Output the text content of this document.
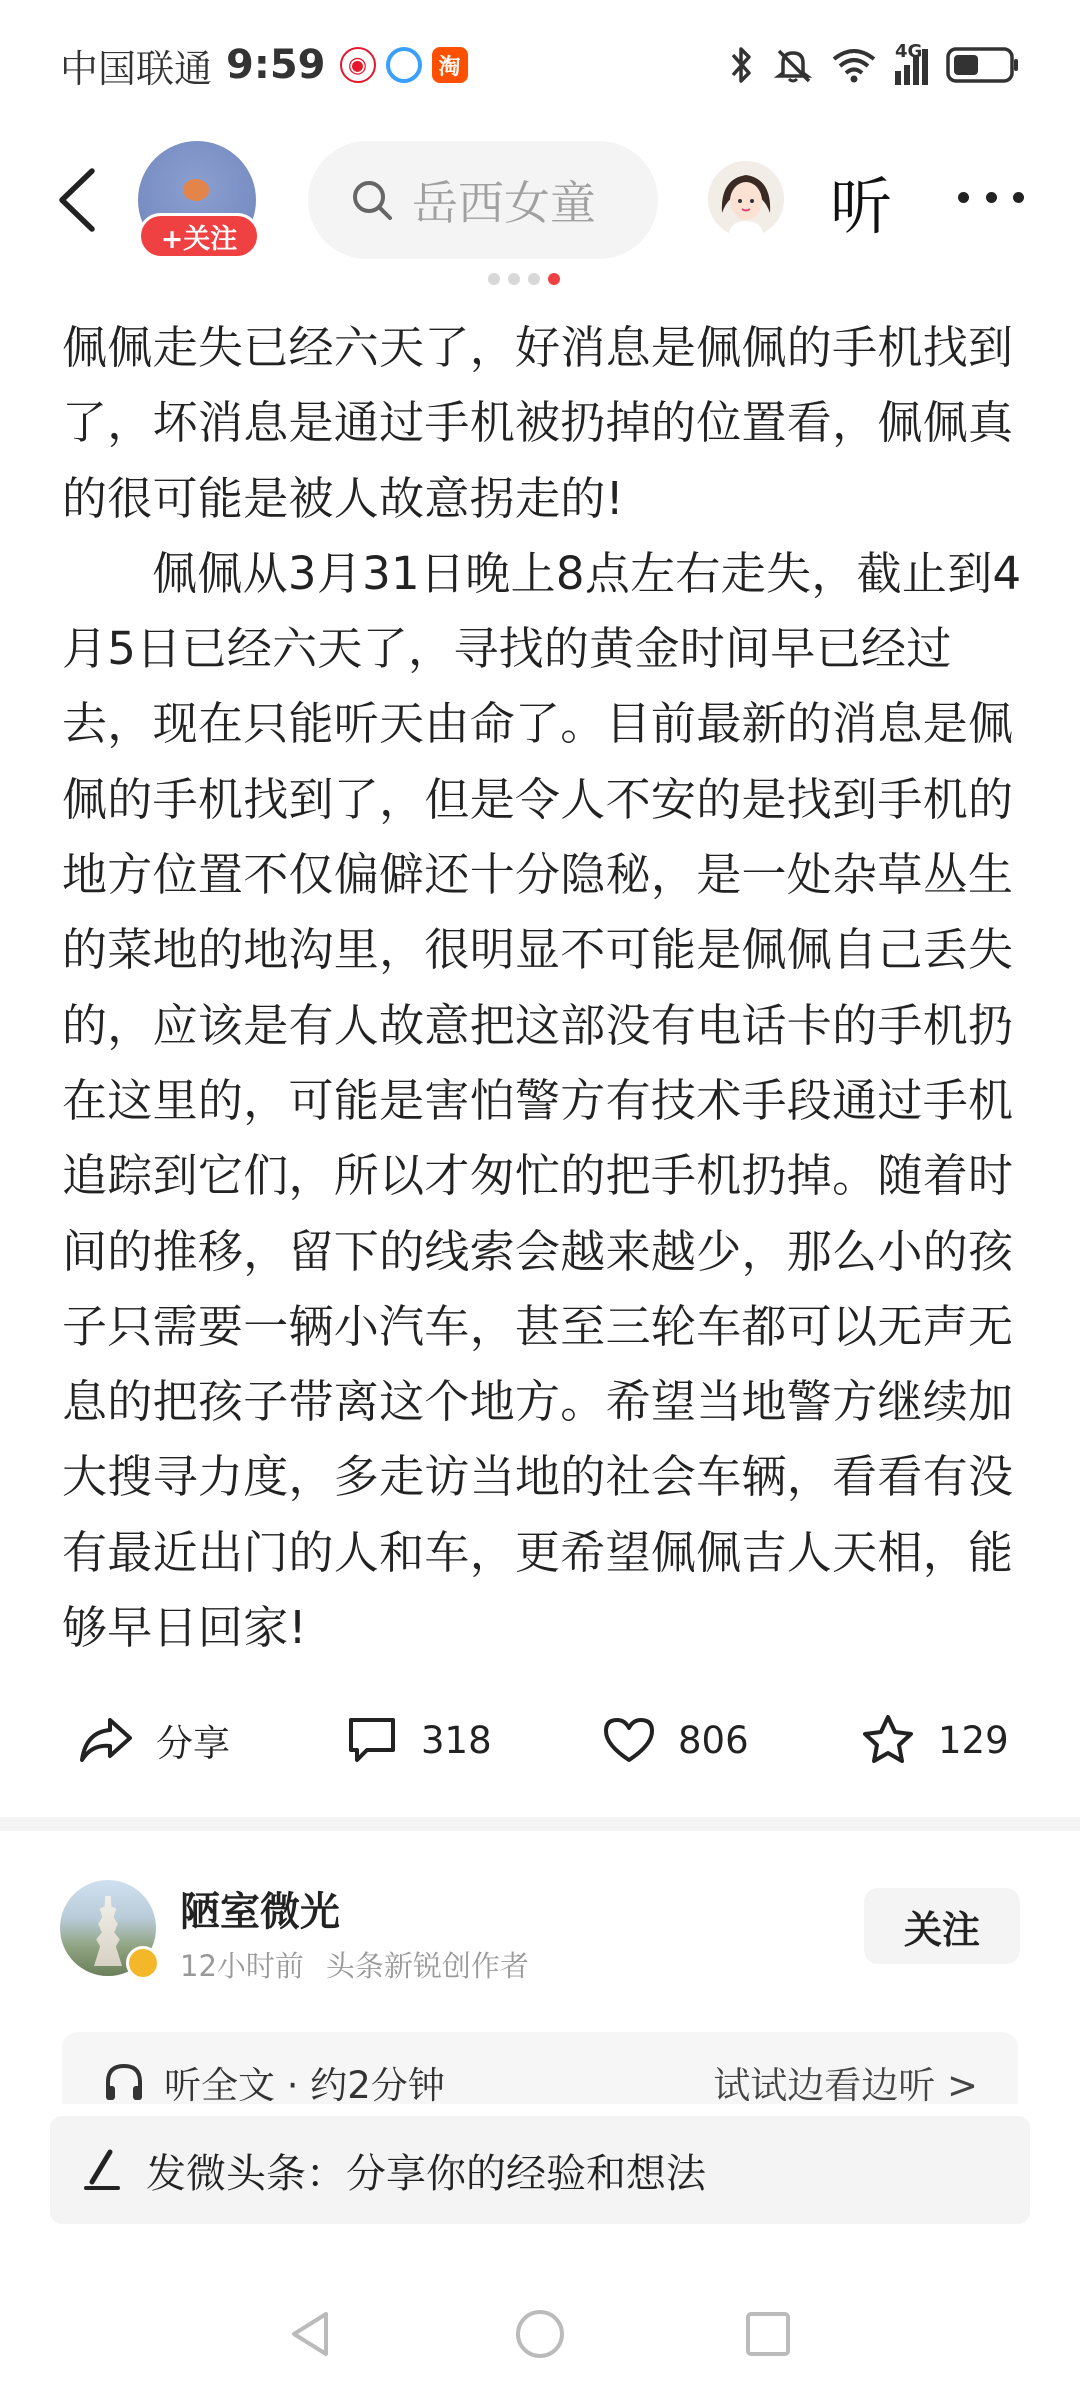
中国联通 9:59	◉	淘
4G
+关注
岳西女童	听

佩佩走失已经六天了，好消息是佩佩的手机找到了，坏消息是通过手机被扔掉的位置看，佩佩真的很可能是被人故意拐走的!

佩佩从3月31日晚上8点左右走失，截止到4月5日已经六天了，寻找的黄金时间早已经过去，现在只能听天由命了。目前最新的消息是佩佩的手机找到了，但是令人不安的是找到手机的地方位置不仅偏僻还十分隐秘，是一处杂草丛生的菜地的地沟里，很明显不可能是佩佩自己丢失的，应该是有人故意把这部没有电话卡的手机扔在这里的，可能是害怕警方有技术手段通过手机追踪到它们，所以才匆忙的把手机扔掉。随着时间的推移，留下的线索会越来越少，那么小的孩子只需要一辆小汽车，甚至三轮车都可以无声无息的把孩子带离这个地方。希望当地警方继续加大搜寻力度，多走访当地的社会车辆，看看有没有最近出门的人和车，更希望佩佩吉人天相，能够早日回家!

分享	318	806	129
陋室微光
12小时前 头条新锐创作者
关注
听全文 · 约2分钟	试试边看边听 >
发微头条：分享你的经验和想法
